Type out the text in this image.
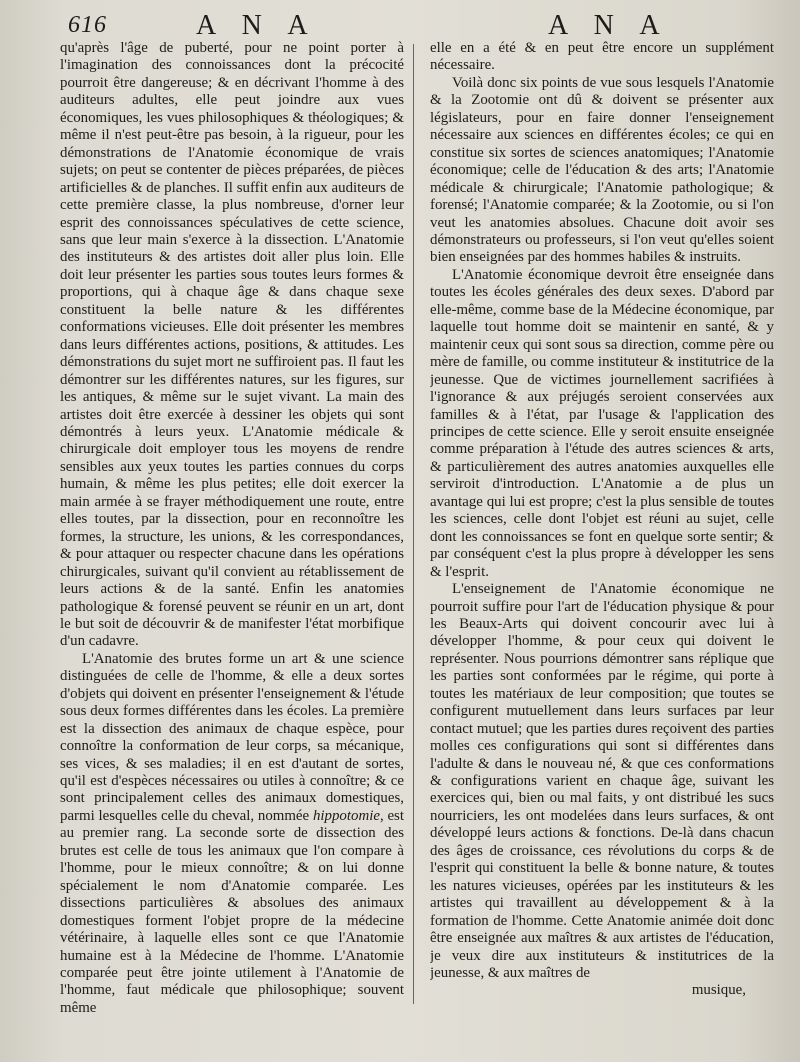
616	A N A	A N A

qu'après l'âge de puberté, pour ne point porter à l'imagination des connoissances dont la précocité pourroit être dangereuse; & en décrivant l'homme à des auditeurs adultes, elle peut joindre aux vues économiques, les vues philosophiques & théologiques; & même il n'est peut-être pas besoin, à la rigueur, pour les démonstrations de l'Anatomie économique de vrais sujets; on peut se contenter de pièces préparées, de pièces artificielles & de planches. Il suffit enfin aux auditeurs de cette première classe, la plus nombreuse, d'orner leur esprit des connoissances spéculatives de cette science, sans que leur main s'exerce à la dissection. L'Anatomie des instituteurs & des artistes doit aller plus loin. Elle doit leur présenter les parties sous toutes leurs formes & proportions, qui à chaque âge & dans chaque sexe constituent la belle nature & les différentes conformations vicieuses. Elle doit présenter les membres dans leurs différentes actions, positions, & attitudes. Les démonstrations du sujet mort ne suffiroient pas. Il faut les démontrer sur les différentes natures, sur les figures, sur les antiques, & même sur le sujet vivant. La main des artistes doit être exercée à dessiner les objets qui sont démontrés à leurs yeux. L'Anatomie médicale & chirurgicale doit employer tous les moyens de rendre sensibles aux yeux toutes les parties connues du corps humain, & même les plus petites; elle doit exercer la main armée à se frayer méthodiquement une route, entre elles toutes, par la dissection, pour en reconnoître les formes, la structure, les unions, & les correspondances, & pour attaquer ou respecter chacune dans les opérations chirurgicales, suivant qu'il convient au rétablissement de leurs actions & de la santé. Enfin les anatomies pathologique & forensé peuvent se réunir en un art, dont le but soit de découvrir & de manifester l'état morbifique d'un cadavre.

L'Anatomie des brutes forme un art & une science distinguées de celle de l'homme, & elle a deux sortes d'objets qui doivent en présenter l'enseignement & l'étude sous deux formes différentes dans les écoles. La première est la dissection des animaux de chaque espèce, pour connoître la conformation de leur corps, sa mécanique, ses vices, & ses maladies; il en est d'autant de sortes, qu'il est d'espèces nécessaires ou utiles à connoître; & ce sont principalement celles des animaux domestiques, parmi lesquelles celle du cheval, nommée hippotomie, est au premier rang. La seconde sorte de dissection des brutes est celle de tous les animaux que l'on compare à l'homme, pour le mieux connoître; & on lui donne spécialement le nom d'Anatomie comparée. Les dissections particulières & absolues des animaux domestiques forment l'objet propre de la médecine vétérinaire, à laquelle elles sont ce que l'Anatomie humaine est à la Médecine de l'homme. L'Anatomie comparée peut être jointe utilement à l'Anatomie de l'homme, faut médicale que philosophique; souvent même

elle en a été & en peut être encore un supplément nécessaire.

Voilà donc six points de vue sous lesquels l'Anatomie & la Zootomie ont dû & doivent se présenter aux législateurs, pour en faire donner l'enseignement nécessaire aux sciences en différentes écoles; ce qui en constitue six sortes de sciences anatomiques; l'Anatomie économique; celle de l'éducation & des arts; l'Anatomie médicale & chirurgicale; l'Anatomie pathologique; & forensé; l'Anatomie comparée; & la Zootomie, ou si l'on veut les anatomies absolues. Chacune doit avoir ses démonstrateurs ou professeurs, si l'on veut qu'elles soient bien enseignées par des hommes habiles & instruits.

L'Anatomie économique devroit être enseignée dans toutes les écoles générales des deux sexes. D'abord par elle-même, comme base de la Médecine économique, par laquelle tout homme doit se maintenir en santé, & y maintenir ceux qui sont sous sa direction, comme père ou mère de famille, ou comme instituteur & institutrice de la jeunesse. Que de victimes journellement sacrifiées à l'ignorance & aux préjugés seroient conservées aux familles & à l'état, par l'usage & l'application des principes de cette science. Elle y seroit ensuite enseignée comme préparation à l'étude des autres sciences & arts, & particulièrement des autres anatomies auxquelles elle serviroit d'introduction. L'Anatomie a de plus un avantage qui lui est propre; c'est la plus sensible de toutes les sciences, celle dont l'objet est réuni au sujet, celle dont les connoissances se font en quelque sorte sentir; & par conséquent c'est la plus propre à développer les sens & l'esprit.

L'enseignement de l'Anatomie économique ne pourroit suffire pour l'art de l'éducation physique & pour les Beaux-Arts qui doivent concourir avec lui à développer l'homme, & pour ceux qui doivent le représenter. Nous pourrions démontrer sans réplique que les parties sont conformées par le régime, qui porte à toutes les matériaux de leur composition; que toutes se configurent mutuellement dans leurs surfaces par leur contact mutuel; que les parties dures reçoivent des parties molles ces configurations qui sont si différentes dans l'adulte & dans le nouveau né, & que ces conformations & configurations varient en chaque âge, suivant les exercices qui, bien ou mal faits, y ont distribué les sucs nourriciers, les ont modelées dans leurs surfaces, & ont développé leurs actions & fonctions. De-là dans chacun des âges de croissance, ces révolutions du corps & de l'esprit qui constituent la belle & bonne nature, & toutes les natures vicieuses, opérées par les instituteurs & les artistes qui travaillent au développement & à la formation de l'homme. Cette Anatomie animée doit donc être enseignée aux maîtres & aux artistes de l'éducation, je veux dire aux instituteurs & institutrices de la jeunesse, & aux maîtres de

musique,
